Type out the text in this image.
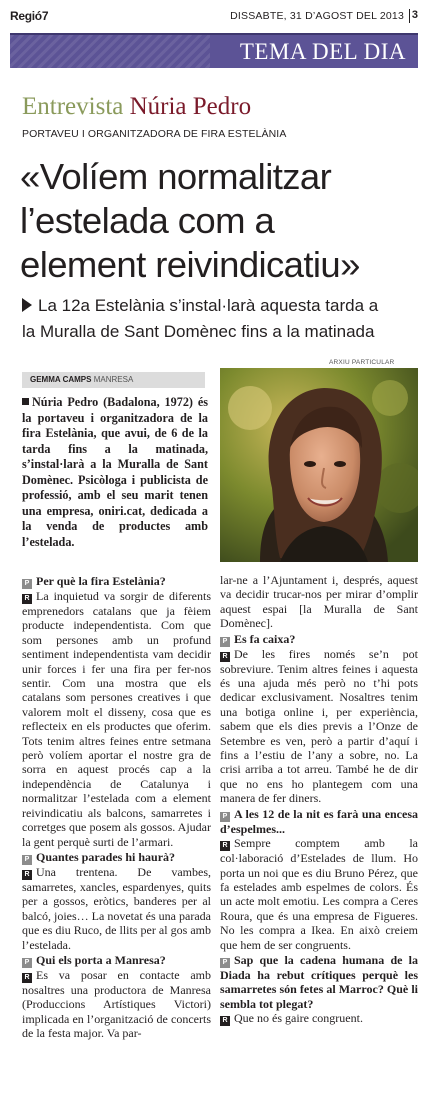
Regió7	DISSABTE, 31 D’AGOST DEL 2013 3
TEMA DEL DIA
Entrevista Núria Pedro
PORTAVEU I ORGANITZADORA DE FIRA ESTELÀNIA
«Volíem normalitzar
l’estelada com a
element reivindicatiu»
La 12a Estelània s’instal·larà aquesta tarda a
la Muralla de Sant Domènec fins a la matinada
ARXIU PARTICULAR
GEMMA CAMPS MANRESA
Núria Pedro (Badalona, 1972) és la portaveu i organitzadora de la fira Estelània, que avui, de 6 de la tarda fins a la matinada, s’instal·larà a la Muralla de Sant Domènec. Psicòloga i publicista de professió, amb el seu marit tenen una empresa, oniri.cat, dedicada a la venda de productes amb l’estelada.
P Per què la fira Estelània?
R La inquietud va sorgir de diferents emprenedors catalans que ja fèiem producte independentista. Com que som persones amb un profund sentiment independentista vam decidir unir forces i fer una fira per fer-nos sentir. Com una mostra que els catalans som persones creatives i que valorem molt el disseny, cosa que es reflecteix en els productes que oferim. Tots tenim altres feines entre setmana però volíem aportar el nostre gra de sorra en aquest procés cap a la independència de Catalunya i normalitzar l’estelada com a element reivindicatiu als balcons, samarretes i corretges que posem als gossos. Ajudar la gent perquè surti de l’armari.
P Quantes parades hi haurà?
R Una trentena. De vambes, samarretes, xancles, espardenyes, quits per a gossos, eròtics, banderes per al balcó, joies… La novetat és una parada que es diu Ruco, de llits per al gos amb l’estelada.
P Qui els porta a Manresa?
R Es va posar en contacte amb nosaltres una productora de Manresa (Produccions Artístiques Victori) implicada en l’organització de concerts de la festa major. Va par-
lar-ne a l’Ajuntament i, després, aquest va decidir trucar-nos per mirar d’omplir aquest espai [la Muralla de Sant Domènec].
P Es fa caixa?
R De les fires només se’n pot sobreviure. Tenim altres feines i aquesta és una ajuda més però no t’hi pots dedicar exclusivament. Nosaltres tenim una botiga online i, per experiència, sabem que els dies previs a l’Onze de Setembre es ven, però a partir d’aquí i fins a l’estiu de l’any a sobre, no. La crisi arriba a tot arreu. També he de dir que no ens ho plantegem com una manera de fer diners.
P A les 12 de la nit es farà una encesa d’espelmes...
R Sempre comptem amb la col·laboració d’Estelades de llum. Ho porta un noi que es diu Bruno Pérez, que fa estelades amb espelmes de colors. És un acte molt emotiu. Les compra a Ceres Roura, que és una empresa de Figueres. No les compra a Ikea. En això creiem que hem de ser congruents.
P Sap que la cadena humana de la Diada ha rebut crítiques perquè les samarretes són fetes al Marroc? Què li sembla tot plegat?
R Que no és gaire congruent.
